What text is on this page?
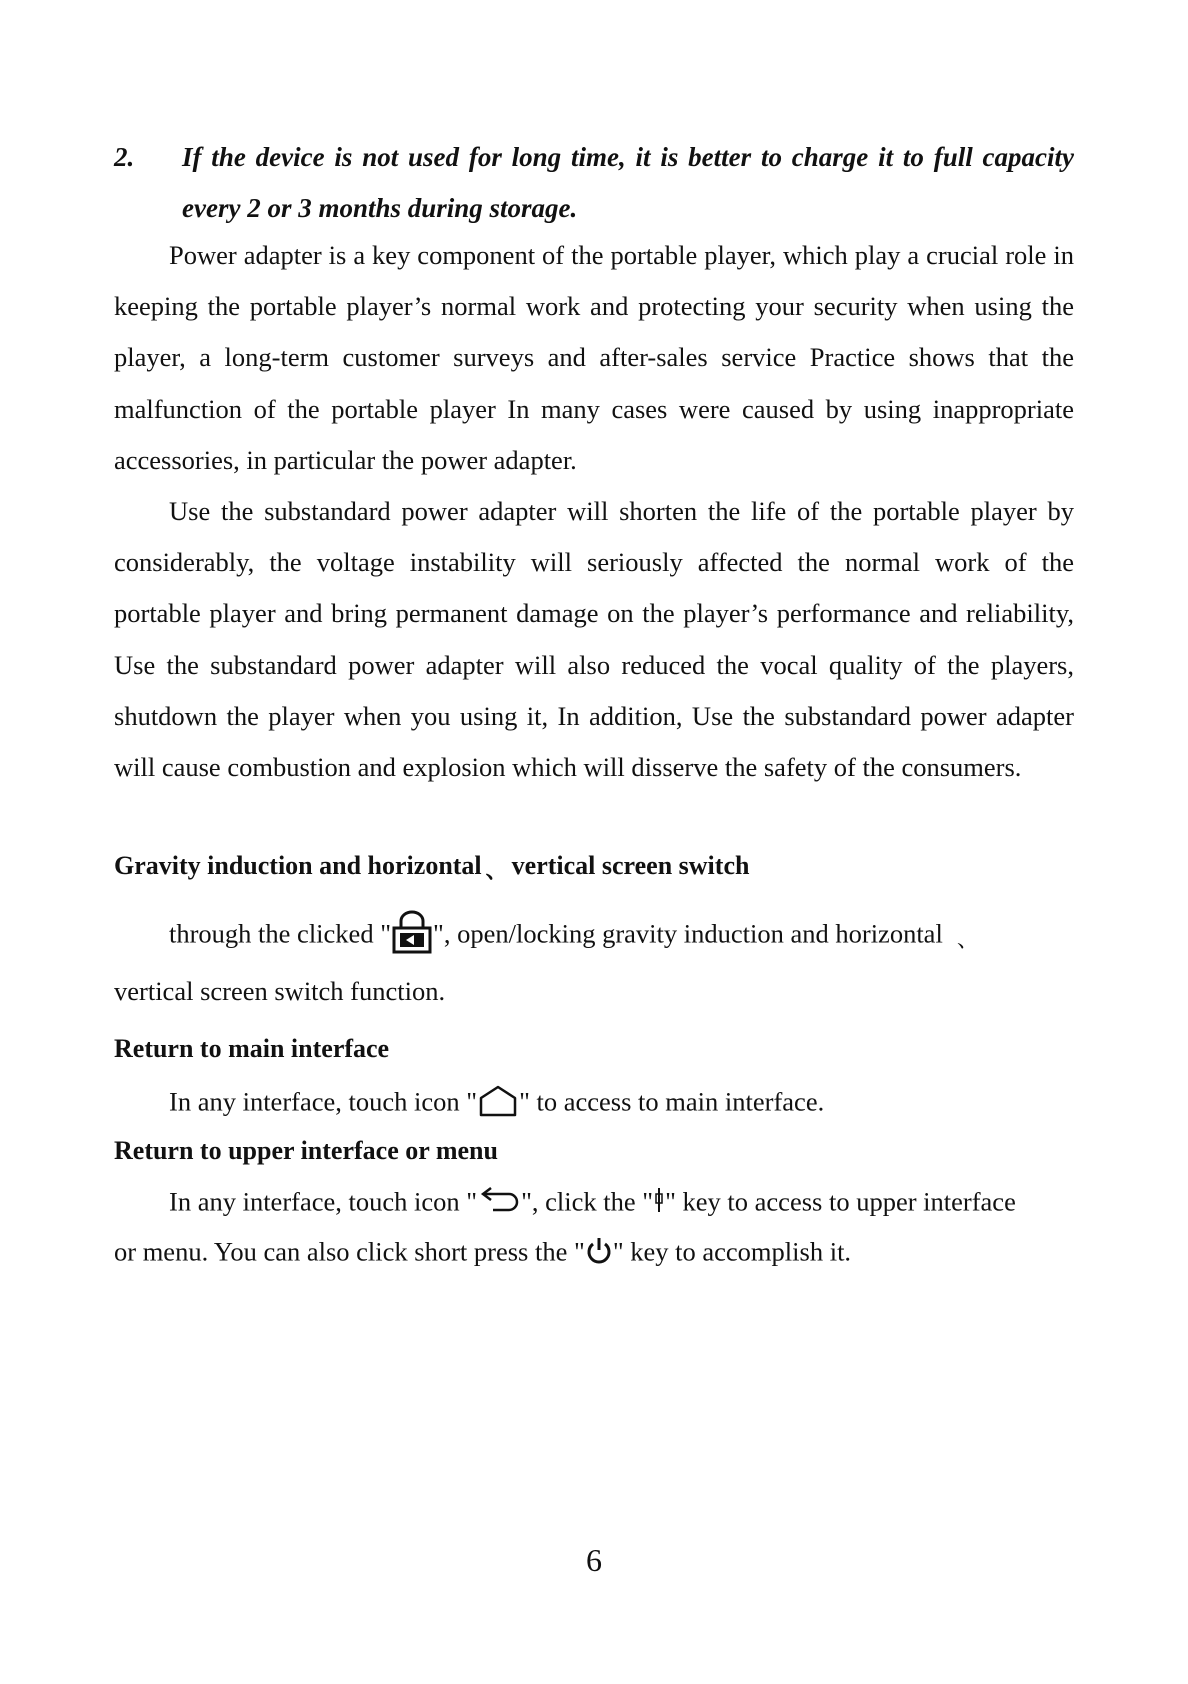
2. If the device is not used for long time, it is better to charge it to full capacity every 2 or 3 months during storage.

Power adapter is a key component of the portable player, which play a crucial role in keeping the portable player’s normal work and protecting your security when using the player, a long-term customer surveys and after-sales service Practice shows that the malfunction of the portable player In many cases were caused by using inappropriate accessories, in particular the power adapter.

Use the substandard power adapter will shorten the life of the portable player by considerably, the voltage instability will seriously affected the normal work of the portable player and bring permanent damage on the player’s performance and reliability, Use the substandard power adapter will also reduced the vocal quality of the players, shutdown the player when you using it, In addition, Use the substandard power adapter will cause combustion and explosion which will disserve the safety of the consumers.

Gravity induction and horizontal 、 vertical screen switch
through the clicked " ", open/locking gravity induction and horizontal 、
vertical screen switch function.
Return to main interface
In any interface, touch icon " " to access to main interface.
Return to upper interface or menu
In any interface, touch icon " ", click the " " key to access to upper interface
or menu. You can also click short press the " " key to accomplish it.
6
